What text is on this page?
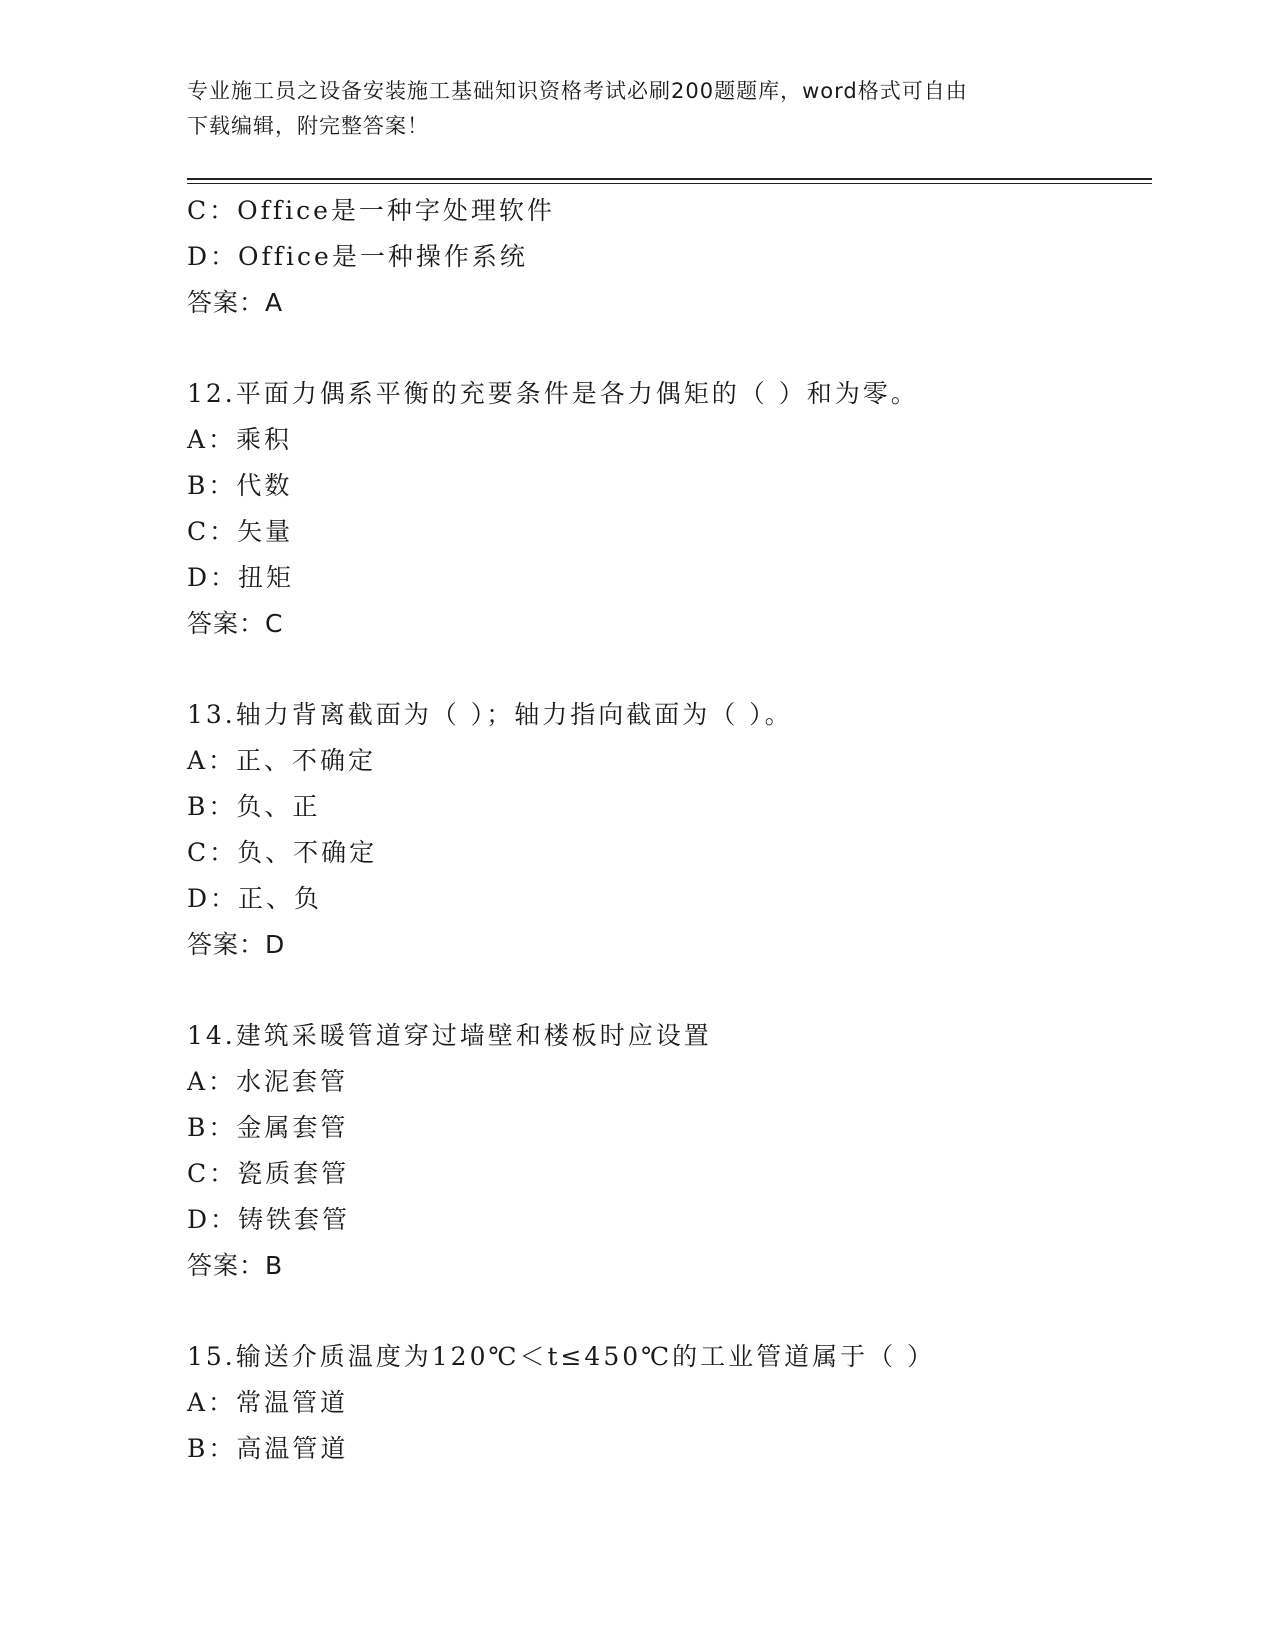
专业施工员之设备安装施工基础知识资格考试必刷200题题库，word格式可自由
下载编辑，附完整答案！
C：Office是一种字处理软件
D：Office是一种操作系统
答案：A
12.平面力偶系平衡的充要条件是各力偶矩的（ ）和为零。
A：乘积
B：代数
C：矢量
D：扭矩
答案：C
13.轴力背离截面为（ ）；轴力指向截面为（ ）。
A：正、不确定
B：负、正
C：负、不确定
D：正、负
答案：D
14.建筑采暖管道穿过墙壁和楼板时应设置
A：水泥套管
B：金属套管
C：瓷质套管
D：铸铁套管
答案：B
15.输送介质温度为120℃＜t≤450℃的工业管道属于（ ）
A：常温管道
B：高温管道
